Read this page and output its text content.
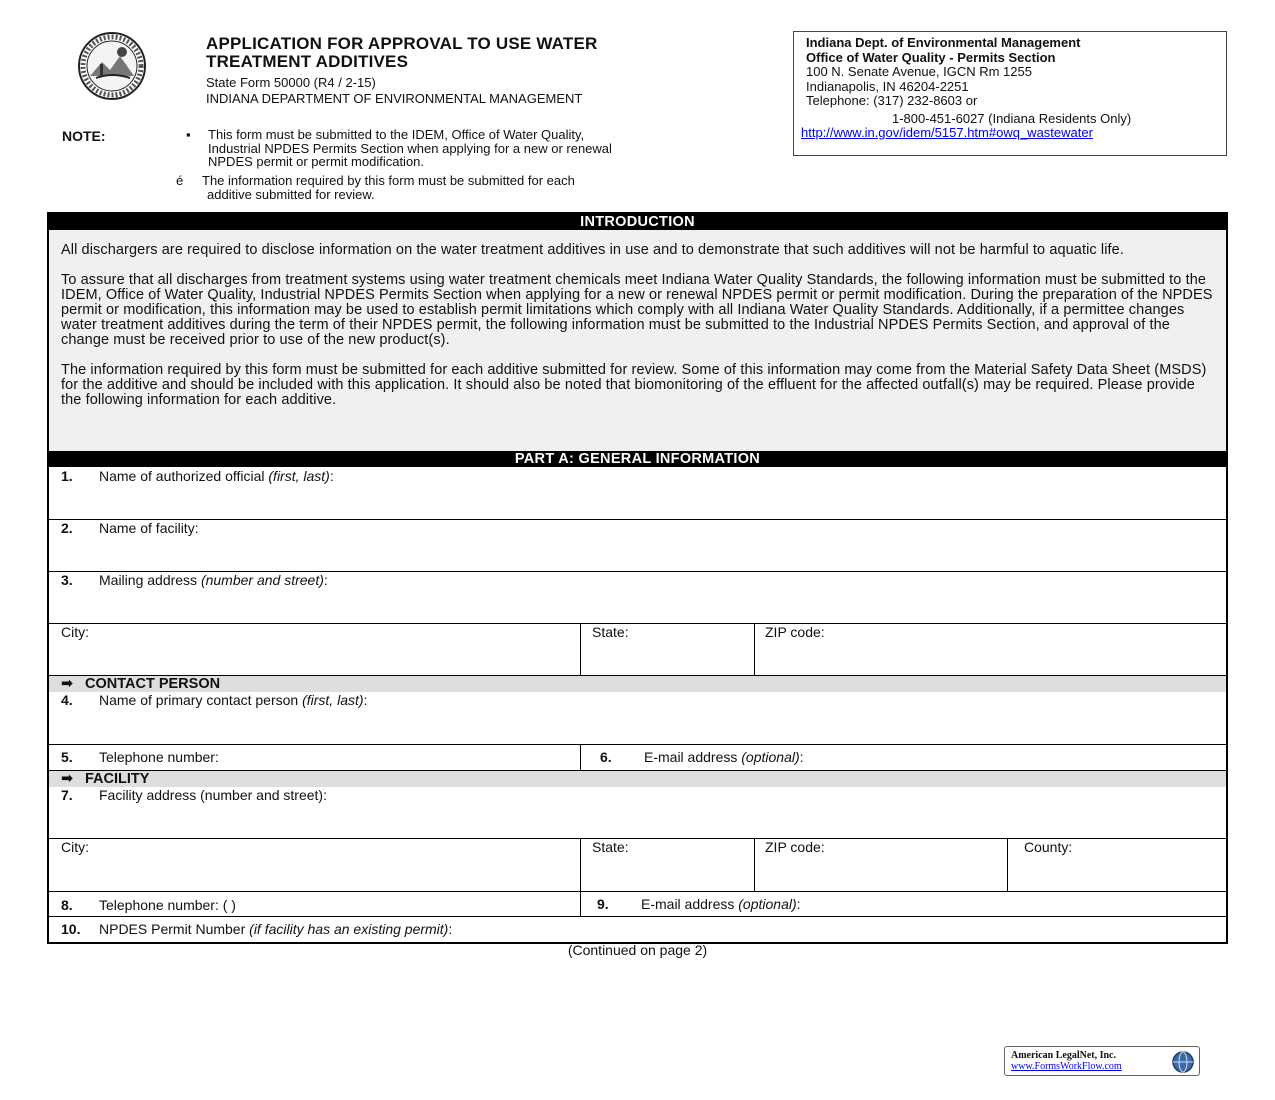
APPLICATION FOR APPROVAL TO USE WATER
TREATMENT ADDITIVES
State Form 50000 (R4 / 2-15)
INDIANA DEPARTMENT OF ENVIRONMENTAL MANAGEMENT
Indiana Dept. of Environmental Management
Office of Water Quality - Permits Section
100 N. Senate Avenue, IGCN Rm 1255
Indianapolis, IN 46204-2251
Telephone: (317) 232-8603 or
1-800-451-6027 (Indiana Residents Only)
http://www.in.gov/idem/5157.htm#owq_wastewater
NOTE:	▪ This form must be submitted to the IDEM, Office of Water Quality,
Industrial NPDES Permits Section when applying for a new or renewal
NPDES permit or permit modification.
é The information required by this form must be submitted for each
additive submitted for review.
INTRODUCTION

All dischargers are required to disclose information on the water treatment additives in use and to demonstrate that such additives will not be harmful to aquatic life.

To assure that all discharges from treatment systems using water treatment chemicals meet Indiana Water Quality Standards, the following information must be submitted to the IDEM, Office of Water Quality, Industrial NPDES Permits Section when applying for a new or renewal NPDES permit or permit modification. During the preparation of the NPDES permit or modification, this information may be used to establish permit limitations which comply with all Indiana Water Quality Standards. Additionally, if a permittee changes water treatment additives during the term of their NPDES permit, the following information must be submitted to the Industrial NPDES Permits Section, and approval of the change must be received prior to use of the new product(s).

The information required by this form must be submitted for each additive submitted for review. Some of this information may come from the Material Safety Data Sheet (MSDS) for the additive and should be included with this application. It should also be noted that biomonitoring of the effluent for the affected outfall(s) may be required. Please provide the following information for each additive.

PART A: GENERAL INFORMATION
1. Name of authorized official (first, last):
2. Name of facility:
3. Mailing address (number and street):
City:	State:	ZIP code:
➡ CONTACT PERSON
4. Name of primary contact person (first, last):
5. Telephone number:	6. E-mail address (optional):
➡ FACILITY
7. Facility address (number and street):
City:	State:	ZIP code:	County:
8. Telephone number: ( )	9. E-mail address (optional):
10. NPDES Permit Number (if facility has an existing permit):
(Continued on page 2)
American LegalNet, Inc.
www.FormsWorkFlow.com
